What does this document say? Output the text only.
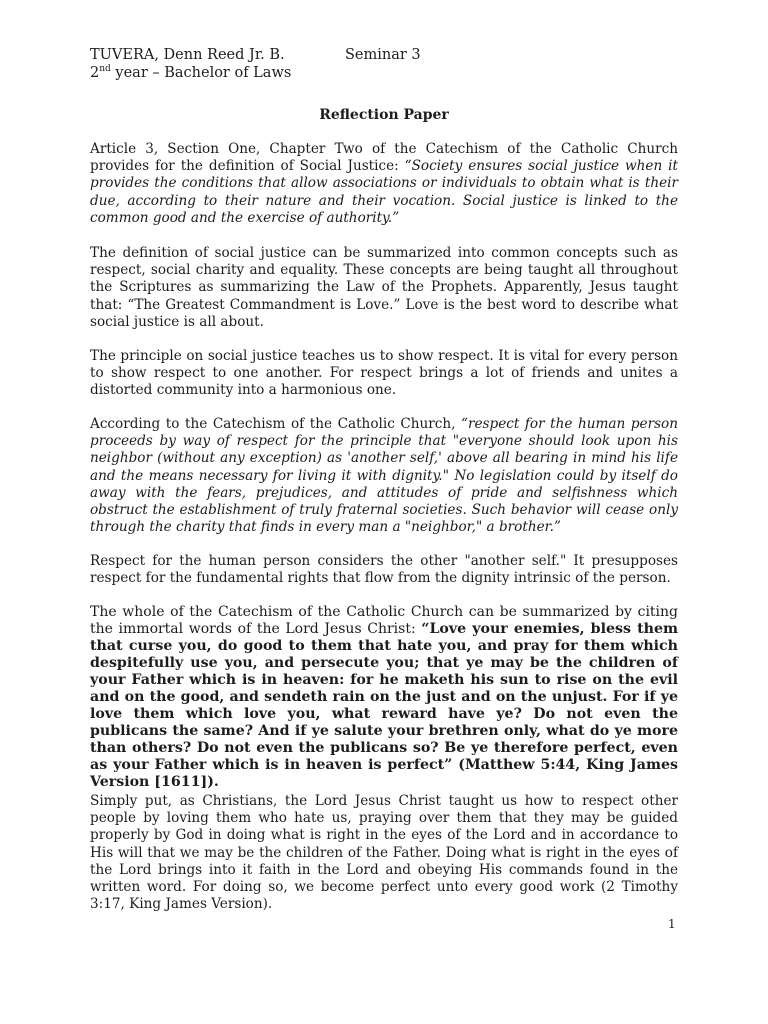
TUVERA, Denn Reed Jr. B.	Seminar 3
2nd year – Bachelor of Laws
Reflection Paper

Article 3, Section One, Chapter Two of the Catechism of the Catholic Church provides for the definition of Social Justice: “Society ensures social justice when it provides the conditions that allow associations or individuals to obtain what is their due, according to their nature and their vocation. Social justice is linked to the common good and the exercise of authority.”

The definition of social justice can be summarized into common concepts such as respect, social charity and equality. These concepts are being taught all throughout the Scriptures as summarizing the Law of the Prophets. Apparently, Jesus taught that: “The Greatest Commandment is Love.” Love is the best word to describe what social justice is all about.

The principle on social justice teaches us to show respect. It is vital for every person to show respect to one another. For respect brings a lot of friends and unites a distorted community into a harmonious one.

According to the Catechism of the Catholic Church, “respect for the human person proceeds by way of respect for the principle that "everyone should look upon his neighbor (without any exception) as 'another self,' above all bearing in mind his life and the means necessary for living it with dignity." No legislation could by itself do away with the fears, prejudices, and attitudes of pride and selfishness which obstruct the establishment of truly fraternal societies. Such behavior will cease only through the charity that finds in every man a "neighbor," a brother.”

Respect for the human person considers the other "another self." It presupposes respect for the fundamental rights that flow from the dignity intrinsic of the person.

The whole of the Catechism of the Catholic Church can be summarized by citing the immortal words of the Lord Jesus Christ: “Love your enemies, bless them that curse you, do good to them that hate you, and pray for them which despitefully use you, and persecute you; that ye may be the children of your Father which is in heaven: for he maketh his sun to rise on the evil and on the good, and sendeth rain on the just and on the unjust. For if ye love them which love you, what reward have ye? Do not even the publicans the same? And if ye salute your brethren only, what do ye more than others? Do not even the publicans so? Be ye therefore perfect, even as your Father which is in heaven is perfect” (Matthew 5:44, King James Version [1611]).

Simply put, as Christians, the Lord Jesus Christ taught us how to respect other people by loving them who hate us, praying over them that they may be guided properly by God in doing what is right in the eyes of the Lord and in accordance to His will that we may be the children of the Father. Doing what is right in the eyes of the Lord brings into it faith in the Lord and obeying His commands found in the written word. For doing so, we become perfect unto every good work (2 Timothy 3:17, King James Version).

1
